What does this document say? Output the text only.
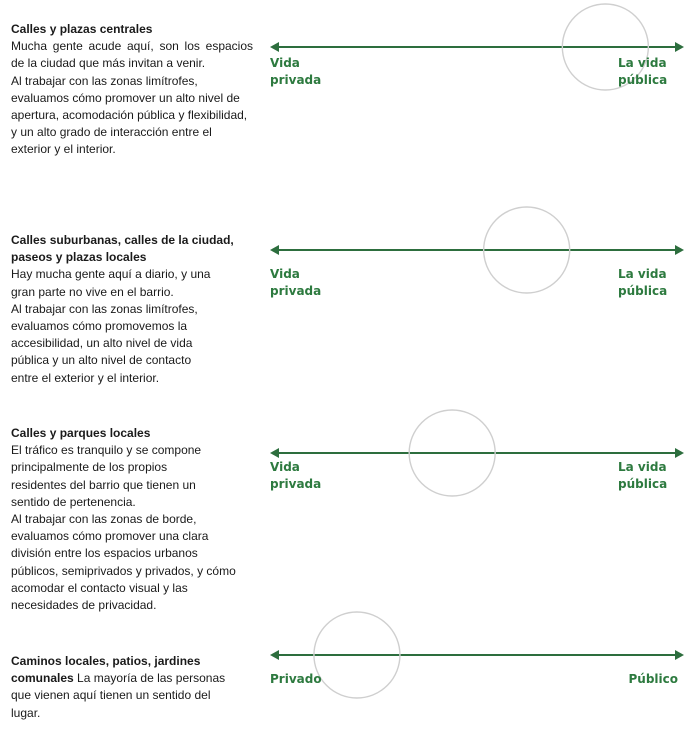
Calles y plazas centrales

Mucha gente acude aquí, son los espacios de la ciudad que más invitan a venir.

Al trabajar con las zonas limítrofes, evaluamos cómo promover un alto nivel de apertura, acomodación pública y flexibilidad, y un alto grado de interacción entre el exterior y el interior.

Vida privada
La vida pública

Calles suburbanas, calles de la ciudad, paseos y plazas locales

Hay mucha gente aquí a diario, y una gran parte no vive en el barrio.

Al trabajar con las zonas limítrofes, evaluamos cómo promovemos la accesibilidad, un alto nivel de vida pública y un alto nivel de contacto entre el exterior y el interior.

Vida privada
La vida pública

Calles y parques locales

El tráfico es tranquilo y se compone principalmente de los propios residentes del barrio que tienen un sentido de pertenencia.

Al trabajar con las zonas de borde, evaluamos cómo promover una clara división entre los espacios urbanos públicos, semiprivados y privados, y cómo acomodar el contacto visual y las necesidades de privacidad.

Vida privada
La vida pública

Caminos locales, patios, jardines comunales La mayoría de las personas que vienen aquí tienen un sentido del lugar.

Privado	Público
